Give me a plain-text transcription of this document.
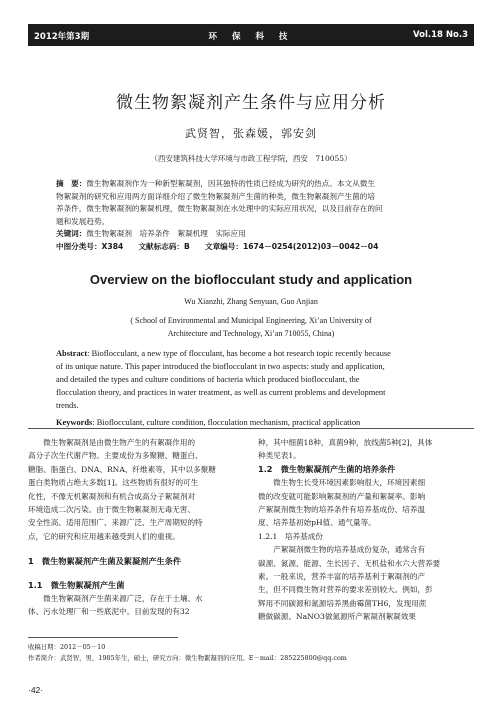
2012年第3期	环 保 科 技	Vol.18 No.3
微生物絮凝剂产生条件与应用分析
武贤智，张森媛，郭安剑
（西安建筑科技大学环境与市政工程学院，西安　710055）
摘　要：微生物絮凝剂作为一种新型絮凝剂，因其独特的性质已经成为研究的热点。本文从微生
物絮凝剂的研究和应用两方面详细介绍了微生物絮凝剂产生菌的种类，微生物絮凝剂产生菌的培
养条件，微生物絮凝剂的絮凝机理，微生物絮凝剂在水处理中的实际应用状况，以及目前存在的问
题和发展趋势。
关键词：微生物絮凝剂　培养条件　絮凝机理　实际应用
中图分类号：X384　　文献标志码：B　　文章编号：1674－0254(2012)03－0042－04
Overview on the bioflocculant study and application
Wu Xianzhi, Zhang Senyuan, Guo Anjian
( School of Environmental and Municipal Engineering, Xi’an University of
Architecture and Technology, Xi’an 710055, China)
Abstract: Bioflocculant, a new type of flocculant, has become a hot research topic recently because
of its unique nature. This paper introduced the bioflocculant in two aspects: study and application,
and detailed the types and culture conditions of bacteria which produced bioflocculant, the
flocculation theory, and practices in water treatment, as well as current problems and development
trends.
Keywords: Bioflocculant, culture condition, flocculation mechanism, practical application
　　微生物絮凝剂是由微生物产生的有絮凝作用的
高分子次生代谢产物。主要成份为多聚糖、糖蛋白、
糖脂、脂蛋白、DNA、RNA、纤维素等，其中以多聚糖
蛋白类物质占绝大多数[1]。这些物质有很好的可生
化性，不像无机絮凝剂和有机合成高分子絮凝剂对
环境造成二次污染。由于微生物絮凝剂无毒无害、
安全性高、适用范围广、来源广泛、生产周期短的特
点，它的研究和应用越来越受到人们的重视。
1　微生物絮凝剂产生菌及絮凝剂产生条件
1.1　微生物絮凝剂产生菌
　　微生物絮凝剂产生菌来源广泛，存在于土壤、水
体、污水处理厂和一些底泥中。目前发现的有32
种，其中细菌18种，真菌9种，放线菌5种[2]，具体
种类见表1。
1.2　微生物絮凝剂产生菌的培养条件
　　微生物生长受环境因素影响很大，环境因素细
微的改变就可能影响絮凝剂的产量和絮凝率。影响
产絮凝剂微生物的培养条件有培养基成份、培养温
度、培养基初始pH值、通气量等。
1.2.1　培养基成份
　　产絮凝剂微生物的培养基成份复杂，通常含有
碳源、氮源、能源、生长因子、无机盐和水六大营养要
素。一般来说，营养丰富的培养基利于絮凝剂的产
生，但不同微生物对营养的要求差别较大。例如，彭
辉用不同碳源和氮源培养黑曲霉菌TH6，发现用蔗
糖做碳源、NaNO3做氮源所产絮凝剂絮凝效果
收稿日期：2012－05－10
作者简介：武贤智，男，1985年生，硕士，研究方向：微生物絮凝剂的应用。E－mail：285225800@qq.com
·42·
